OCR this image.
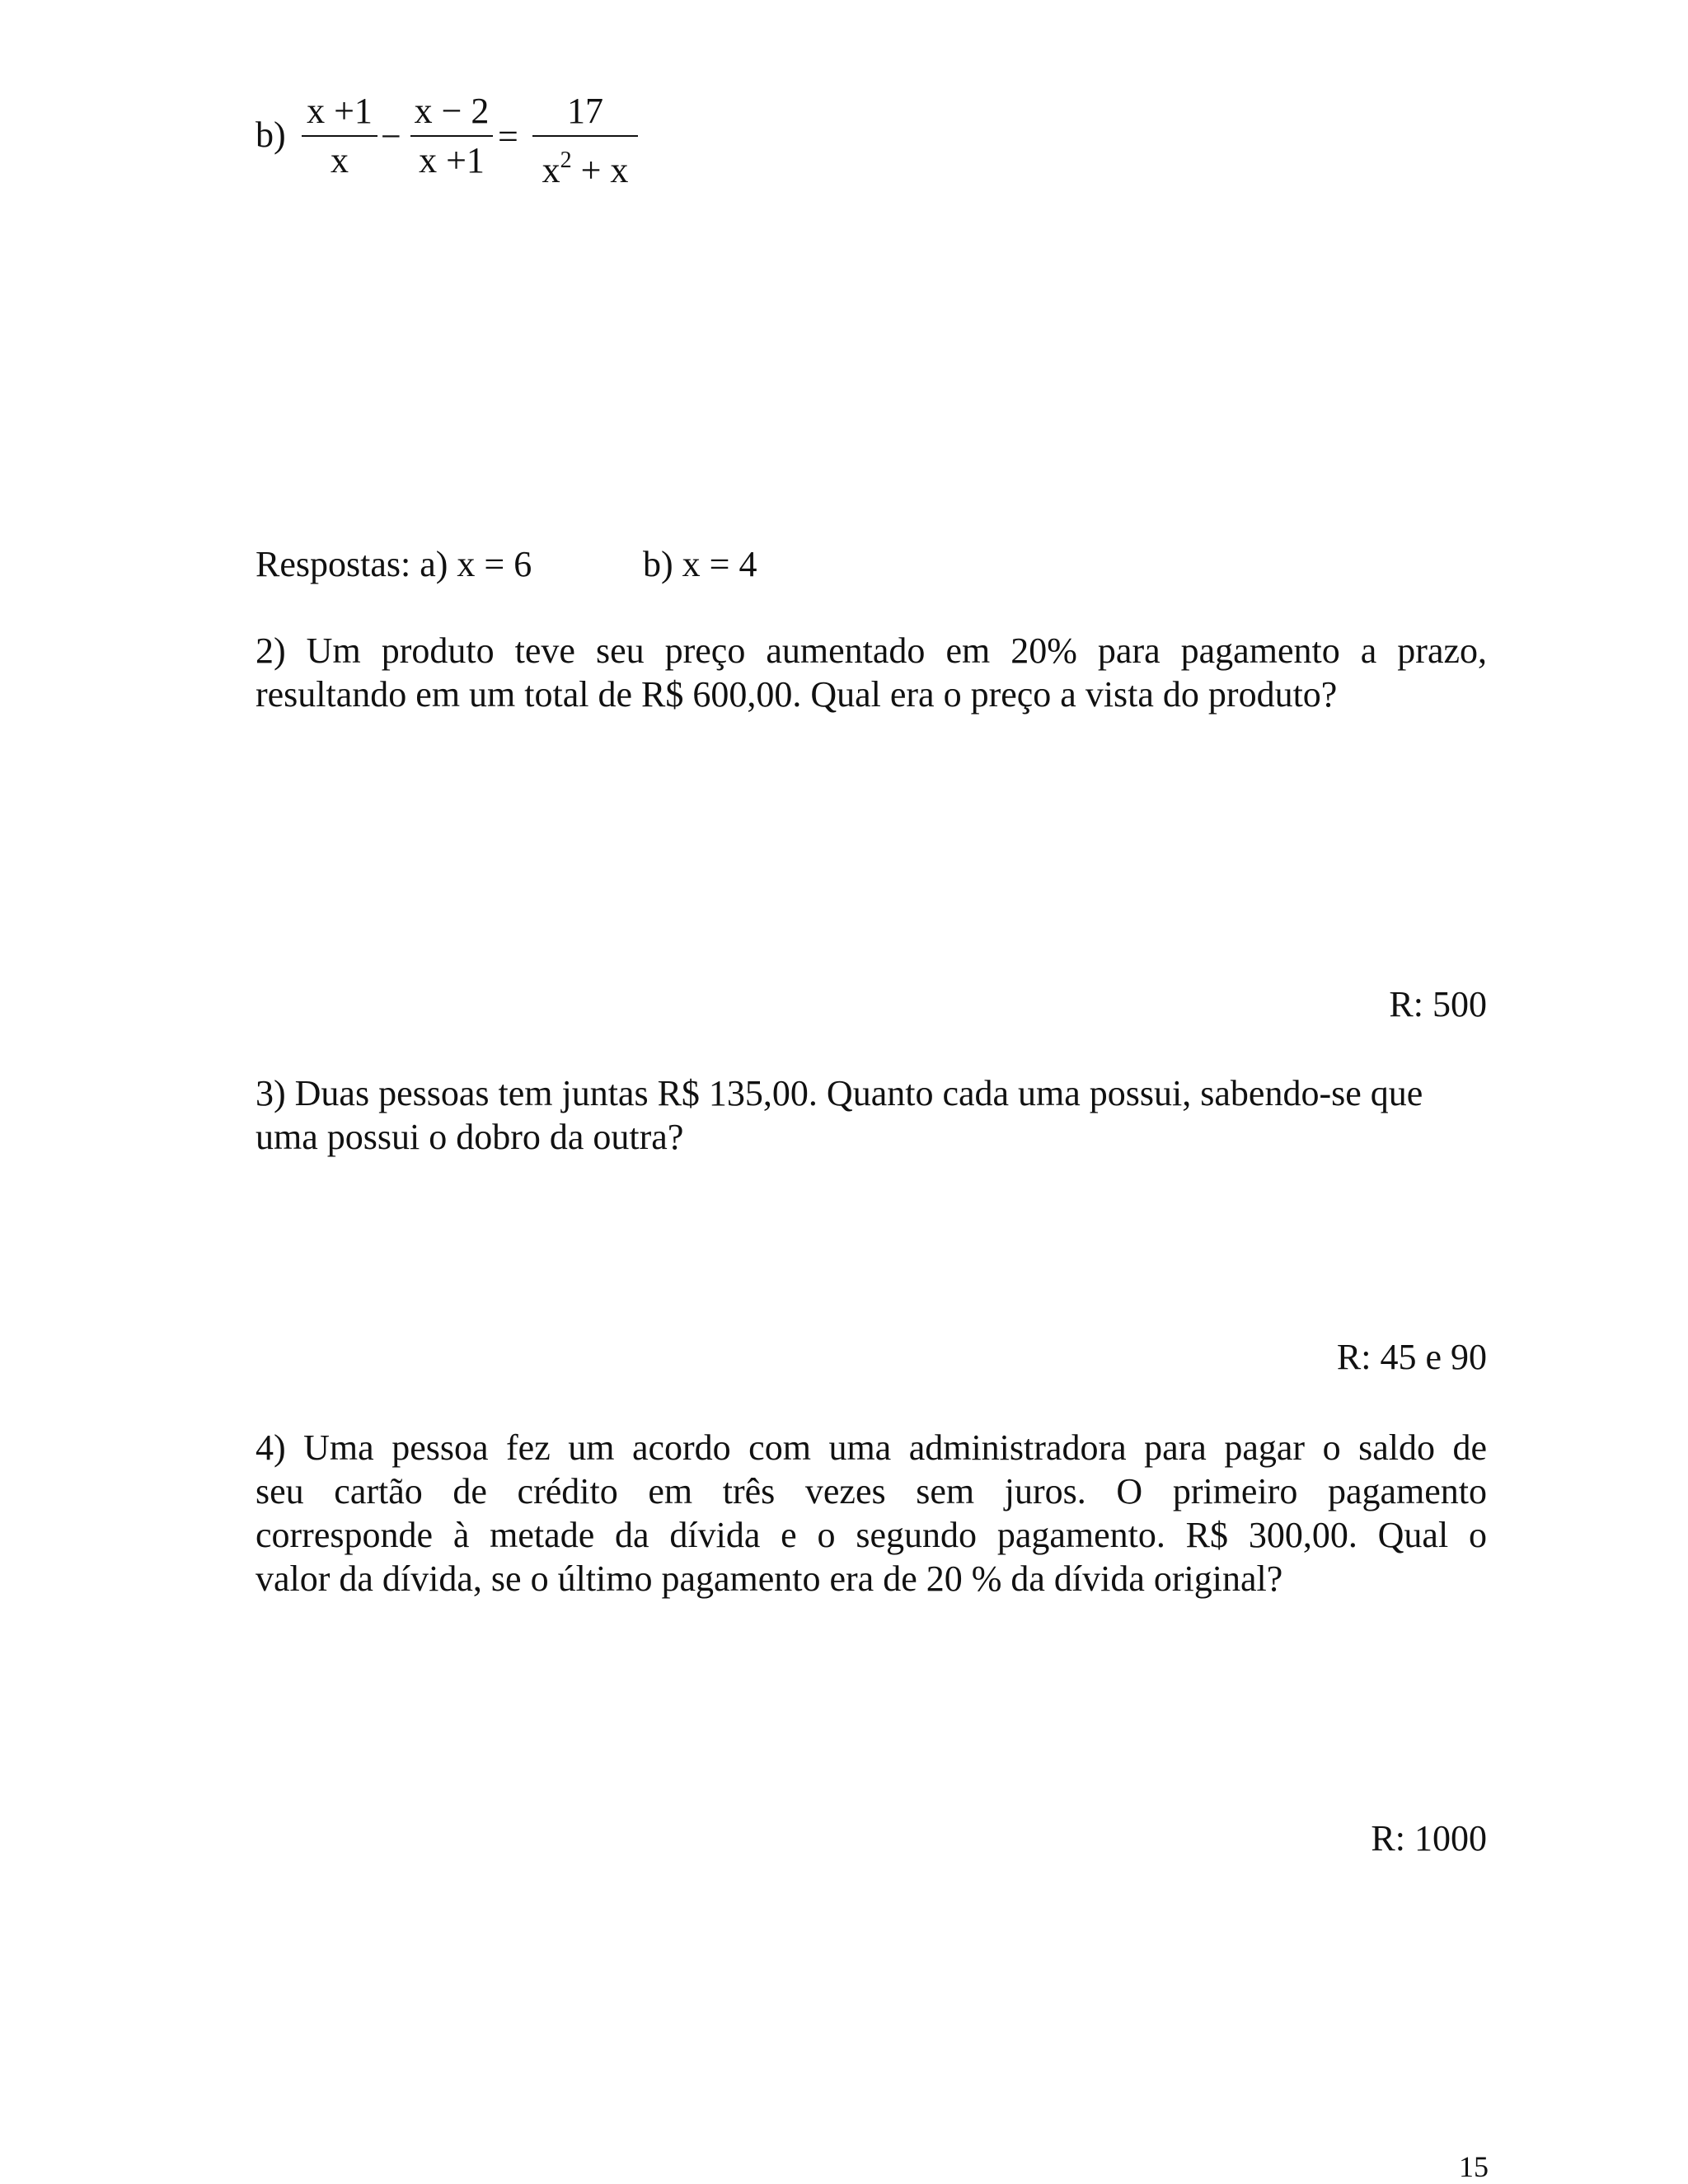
b)
x +1
x
−
x − 2
x +1
=
17
$x^2 + x$
Respostas: a) x = 6	b) x = 4
2) Um produto teve seu preço aumentado em 20% para pagamento a prazo,
resultando em um total de R$ 600,00. Qual era o preço a vista do produto?
R: 500
3) Duas pessoas tem juntas R$ 135,00. Quanto cada uma possui, sabendo-se que
uma possui o dobro da outra?
R: 45 e 90
4) Uma pessoa fez um acordo com uma administradora para pagar o saldo de
seu cartão de crédito em três vezes sem juros. O primeiro pagamento
corresponde à metade da dívida e o segundo pagamento. R$ 300,00. Qual o
valor da dívida, se o último pagamento era de 20 % da dívida original?
R: 1000
15
